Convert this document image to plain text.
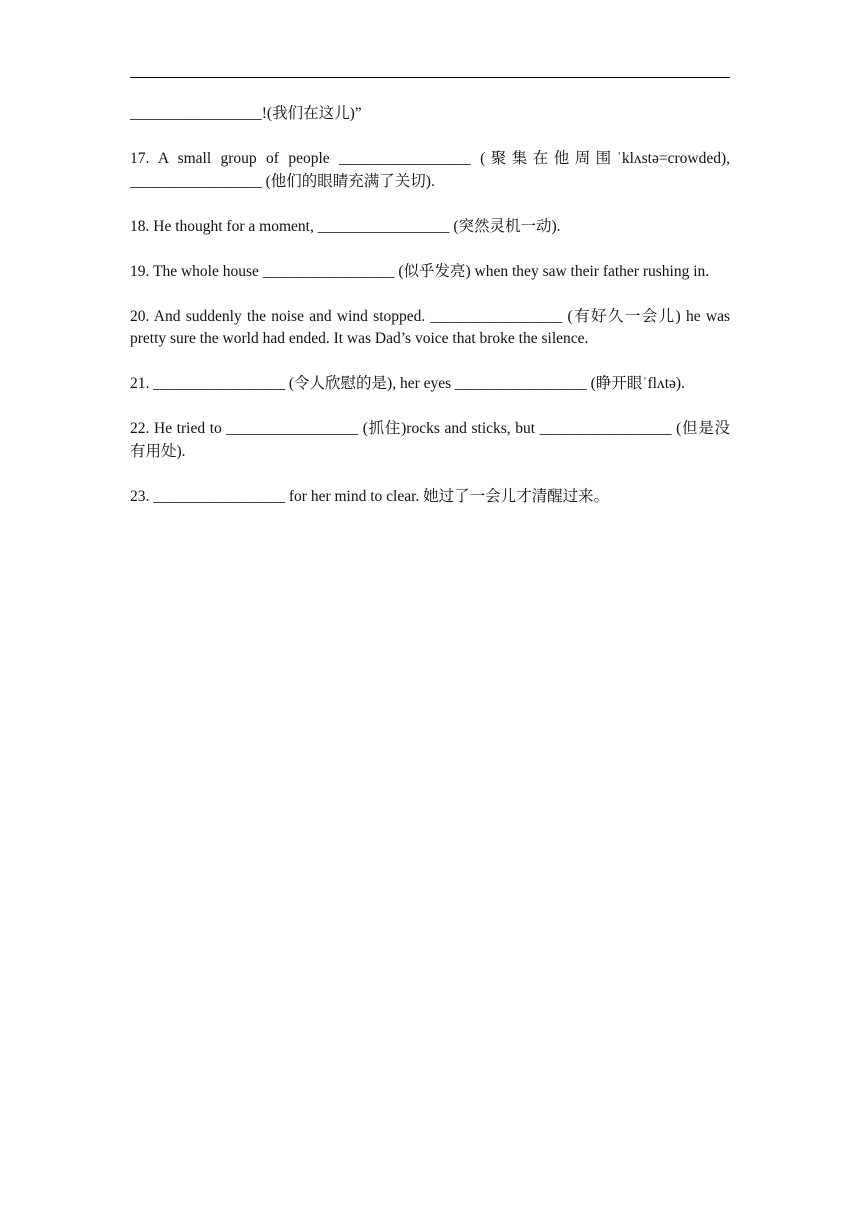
_________________!(我们在这儿)”

17. A small group of people _________________ (聚集在他周围ˈklʌstə=crowded), _________________ (他们的眼睛充满了关切).

18. He thought for a moment, _________________ (突然灵机一动).

19. The whole house _________________ (似乎发亮) when they saw their father rushing in.

20. And suddenly the noise and wind stopped. _________________ (有好久一会儿) he was pretty sure the world had ended. It was Dad’s voice that broke the silence.

21. _________________ (令人欣慰的是), her eyes _________________ (睁开眼ˈflʌtə).

22. He tried to _________________ (抓住)rocks and sticks, but _________________ (但是没有用处).

23. _________________ for her mind to clear. 她过了一会儿才清醒过来。
